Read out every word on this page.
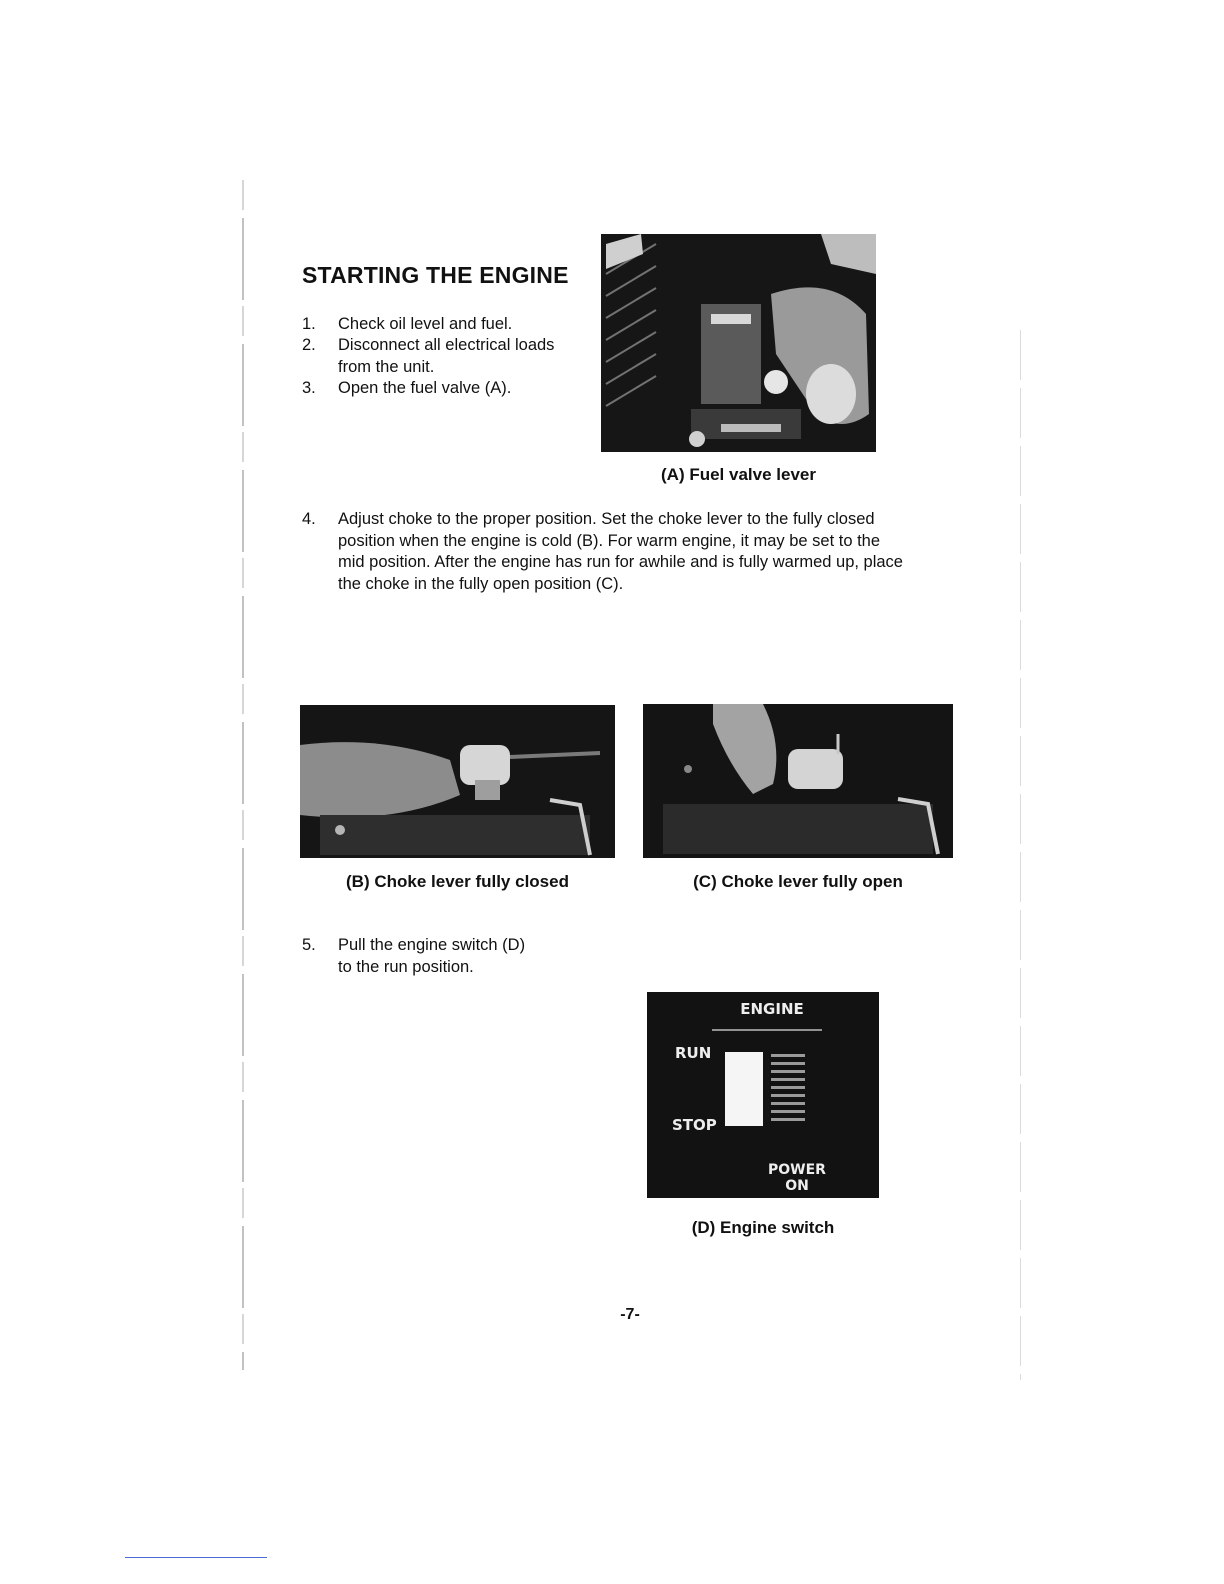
STARTING THE ENGINE
1. Check oil level and fuel.
2. Disconnect all electrical loads
from the unit.
3. Open the fuel valve (A).
(A) Fuel valve lever
4. Adjust choke to the proper position. Set the choke lever to the fully closed
position when the engine is cold (B). For warm engine, it may be set to the
mid position. After the engine has run for awhile and is fully warmed up, place
the choke in the fully open position (C).
(B) Choke lever fully closed	(C) Choke lever fully open
5. Pull the engine switch (D)
to the run position.
ENGINE
RUN
STOP
POWER
ON
(D) Engine switch
-7-
